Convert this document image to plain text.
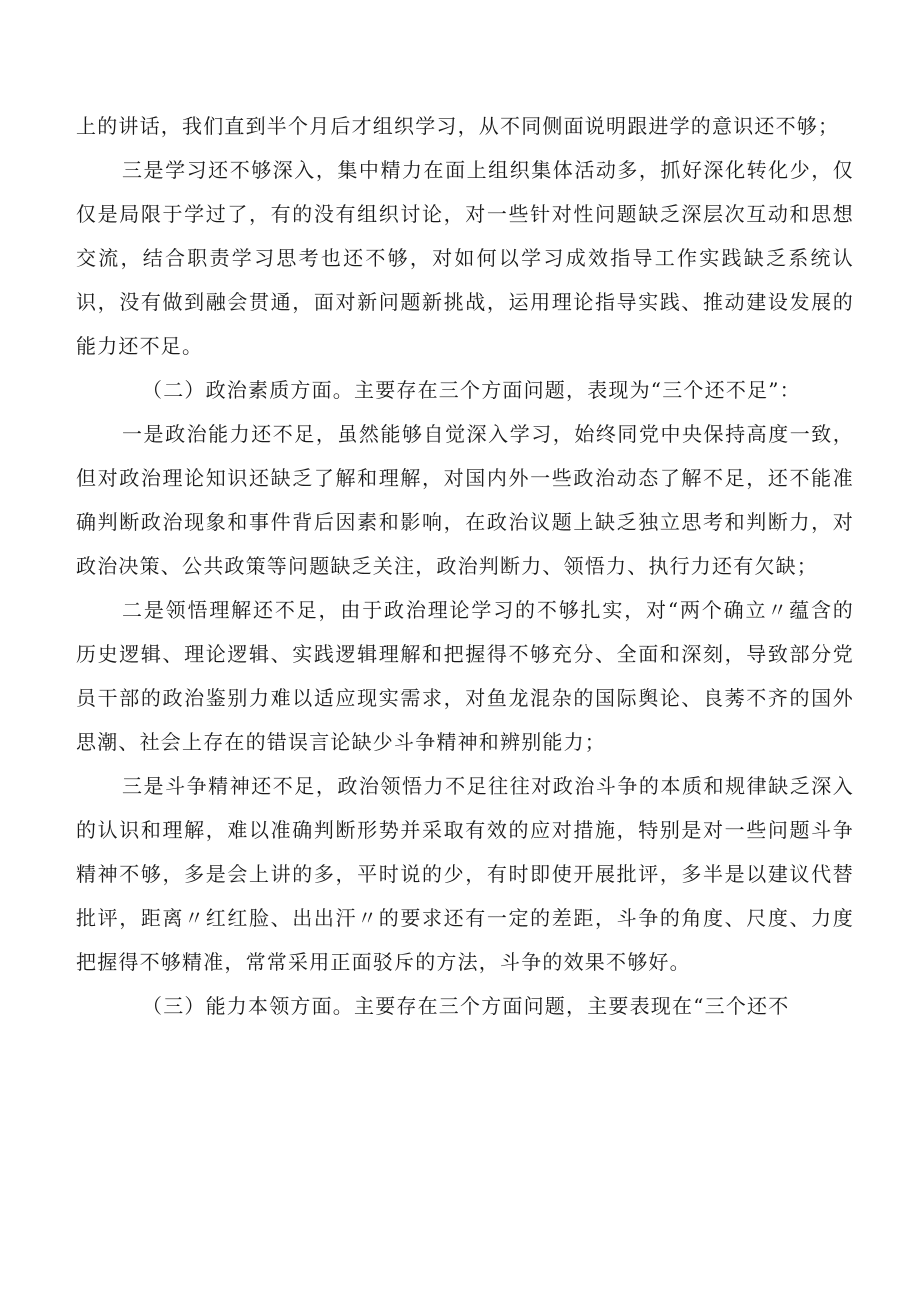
上的讲话，我们直到半个月后才组织学习，从不同侧面说明跟进学的意识还不够；

三是学习还不够深入，集中精力在面上组织集体活动多，抓好深化转化少，仅仅是局限于学过了，有的没有组织讨论，对一些针对性问题缺乏深层次互动和思想交流，结合职责学习思考也还不够，对如何以学习成效指导工作实践缺乏系统认识，没有做到融会贯通，面对新问题新挑战，运用理论指导实践、推动建设发展的能力还不足。

（二）政治素质方面。主要存在三个方面问题，表现为“三个还不足”：

一是政治能力还不足，虽然能够自觉深入学习，始终同党中央保持高度一致，但对政治理论知识还缺乏了解和理解，对国内外一些政治动态了解不足，还不能准确判断政治现象和事件背后因素和影响，在政治议题上缺乏独立思考和判断力，对政治决策、公共政策等问题缺乏关注，政治判断力、领悟力、执行力还有欠缺；

二是领悟理解还不足，由于政治理论学习的不够扎实，对“两个确立〃蕴含的历史逻辑、理论逻辑、实践逻辑理解和把握得不够充分、全面和深刻，导致部分党员干部的政治鉴别力难以适应现实需求，对鱼龙混杂的国际舆论、良莠不齐的国外思潮、社会上存在的错误言论缺少斗争精神和辨别能力；

三是斗争精神还不足，政治领悟力不足往往对政治斗争的本质和规律缺乏深入的认识和理解，难以准确判断形势并采取有效的应对措施，特别是对一些问题斗争精神不够，多是会上讲的多，平时说的少，有时即使开展批评，多半是以建议代替批评，距离〃红红脸、出出汗〃的要求还有一定的差距，斗争的角度、尺度、力度把握得不够精准，常常采用正面驳斥的方法，斗争的效果不够好。

（三）能力本领方面。主要存在三个方面问题，主要表现在“三个还不
